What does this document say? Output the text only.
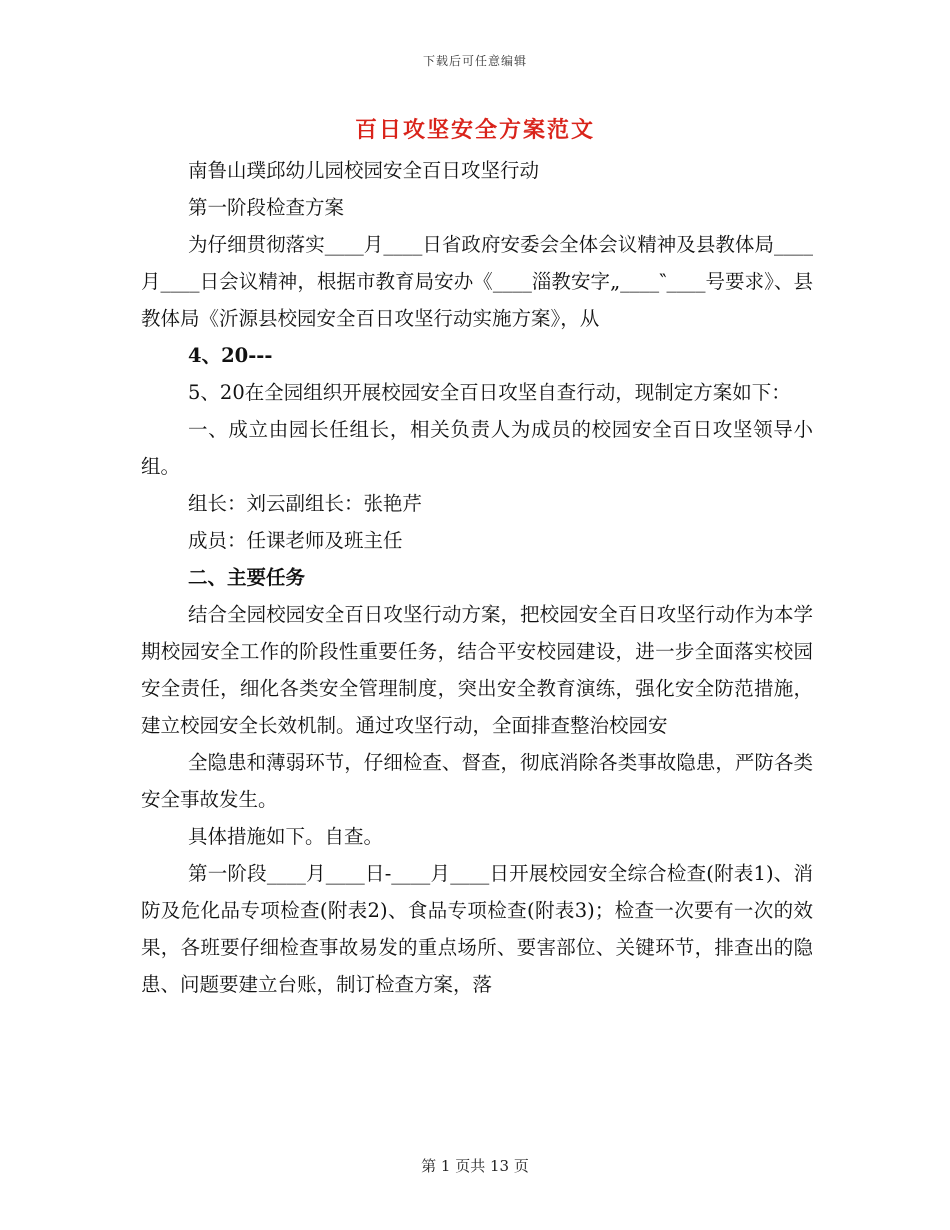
下载后可任意编辑
百日攻坚安全方案范文

南鲁山璞邱幼儿园校园安全百日攻坚行动

第一阶段检查方案

为仔细贯彻落实____月____日省政府安委会全体会议精神及县教体局____月____日会议精神，根据市教育局安办《____淄教安字„____‶____号要求》、县教体局《沂源县校园安全百日攻坚行动实施方案》，从

4、20---

5、20在全园组织开展校园安全百日攻坚自查行动，现制定方案如下：

一、成立由园长任组长，相关负责人为成员的校园安全百日攻坚领导小组。

组长：刘云副组长：张艳芹

成员：任课老师及班主任

二、主要任务

结合全园校园安全百日攻坚行动方案，把校园安全百日攻坚行动作为本学期校园安全工作的阶段性重要任务，结合平安校园建设，进一步全面落实校园安全责任，细化各类安全管理制度，突出安全教育演练，强化安全防范措施，建立校园安全长效机制。通过攻坚行动，全面排查整治校园安

全隐患和薄弱环节，仔细检查、督查，彻底消除各类事故隐患，严防各类安全事故发生。

具体措施如下。自查。

第一阶段____月____日-____月____日开展校园安全综合检查(附表1)、消防及危化品专项检查(附表2)、食品专项检查(附表3)；检查一次要有一次的效果，各班要仔细检查事故易发的重点场所、要害部位、关键环节，排查出的隐患、问题要建立台账，制订检查方案，落

第 1 页共 13 页
